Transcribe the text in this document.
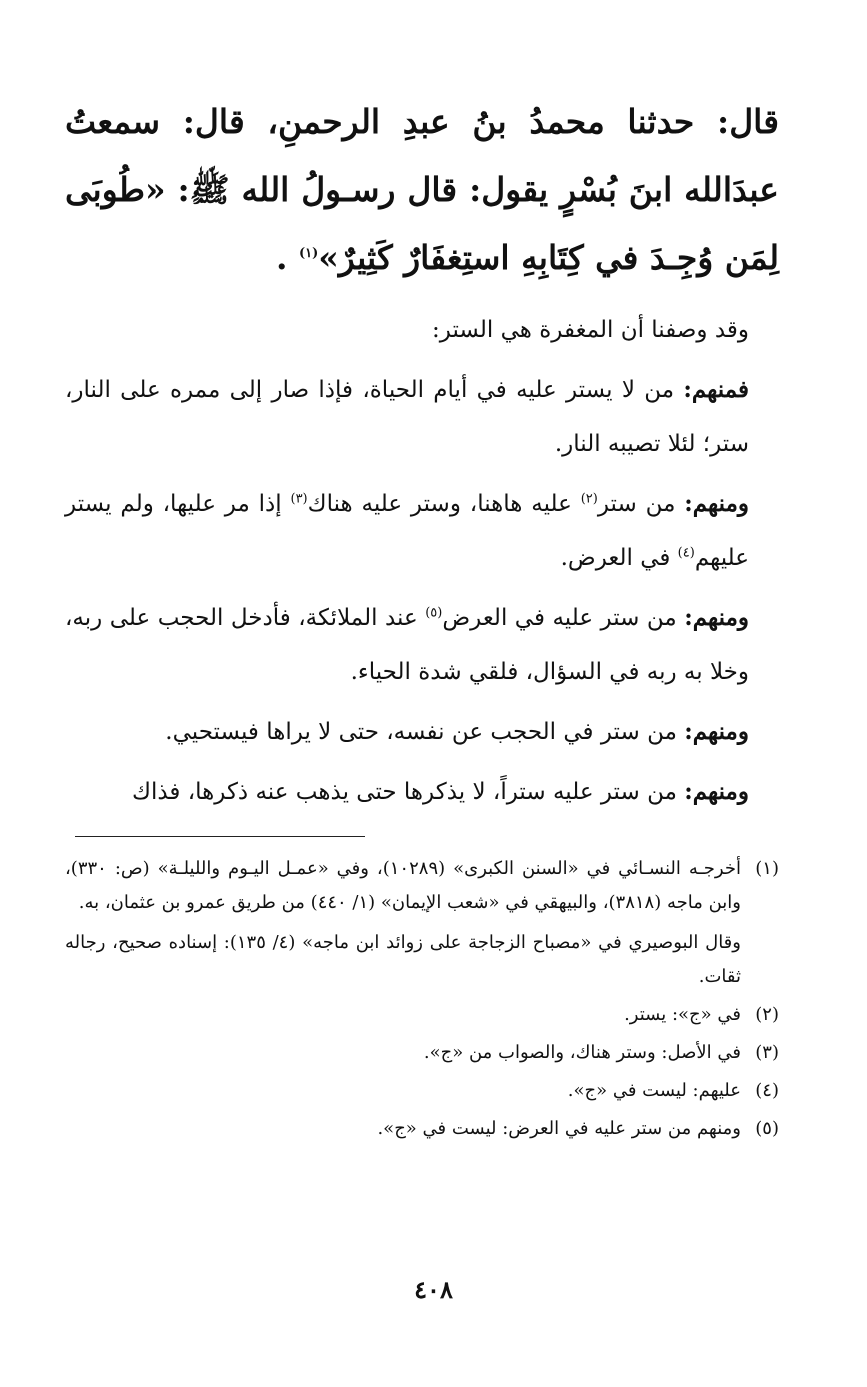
قال: حدثنا محمدُ بنُ عبدِ الرحمنِ، قال: سمعتُ عبدَالله ابنَ بُسْرٍ يقول: قال رسـولُ الله ﷺ: «طُوبَى لِمَن وُجِـدَ في كِتَابِهِ استِغفَارٌ كَثِيرٌ»$^{(١)}$ .

وقد وصفنا أن المغفرة هي الستر:

فمنهم: من لا يستر عليه في أيام الحياة، فإذا صار إلى ممره على النار، ستر؛ لئلا تصيبه النار.

ومنهم: من ستر$^{(٢)}$ عليه هاهنا، وستر عليه هناك$^{(٣)}$ إذا مر عليها، ولم يستر عليهم$^{(٤)}$ في العرض.

ومنهم: من ستر عليه في العرض$^{(٥)}$ عند الملائكة، فأدخل الحجب على ربه، وخلا به ربه في السؤال، فلقي شدة الحياء.

ومنهم: من ستر في الحجب عن نفسه، حتى لا يراها فيستحيي.

ومنهم: من ستر عليه ستراً، لا يذكرها حتى يذهب عنه ذكرها، فذاك

(١)

أخرجـه النسـائي في «السنن الكبرى» (١٠٢٨٩)، وفي «عمـل اليـوم والليلـة» (ص: ٣٣٠)، وابن ماجه (٣٨١٨)، والبيهقي في «شعب الإيمان» (١/ ٤٤٠) من طريق عمرو بن عثمان، به.

وقال البوصيري في «مصباح الزجاجة على زوائد ابن ماجه» (٤/ ١٣٥): إسناده صحيح، رجاله ثقات.

(٢)

في «ج»: يستر.

(٣)

في الأصل: وستر هناك، والصواب من «ج».

(٤)

عليهم: ليست في «ج».

(٥)

ومنهم من ستر عليه في العرض: ليست في «ج».

٤٠٨
